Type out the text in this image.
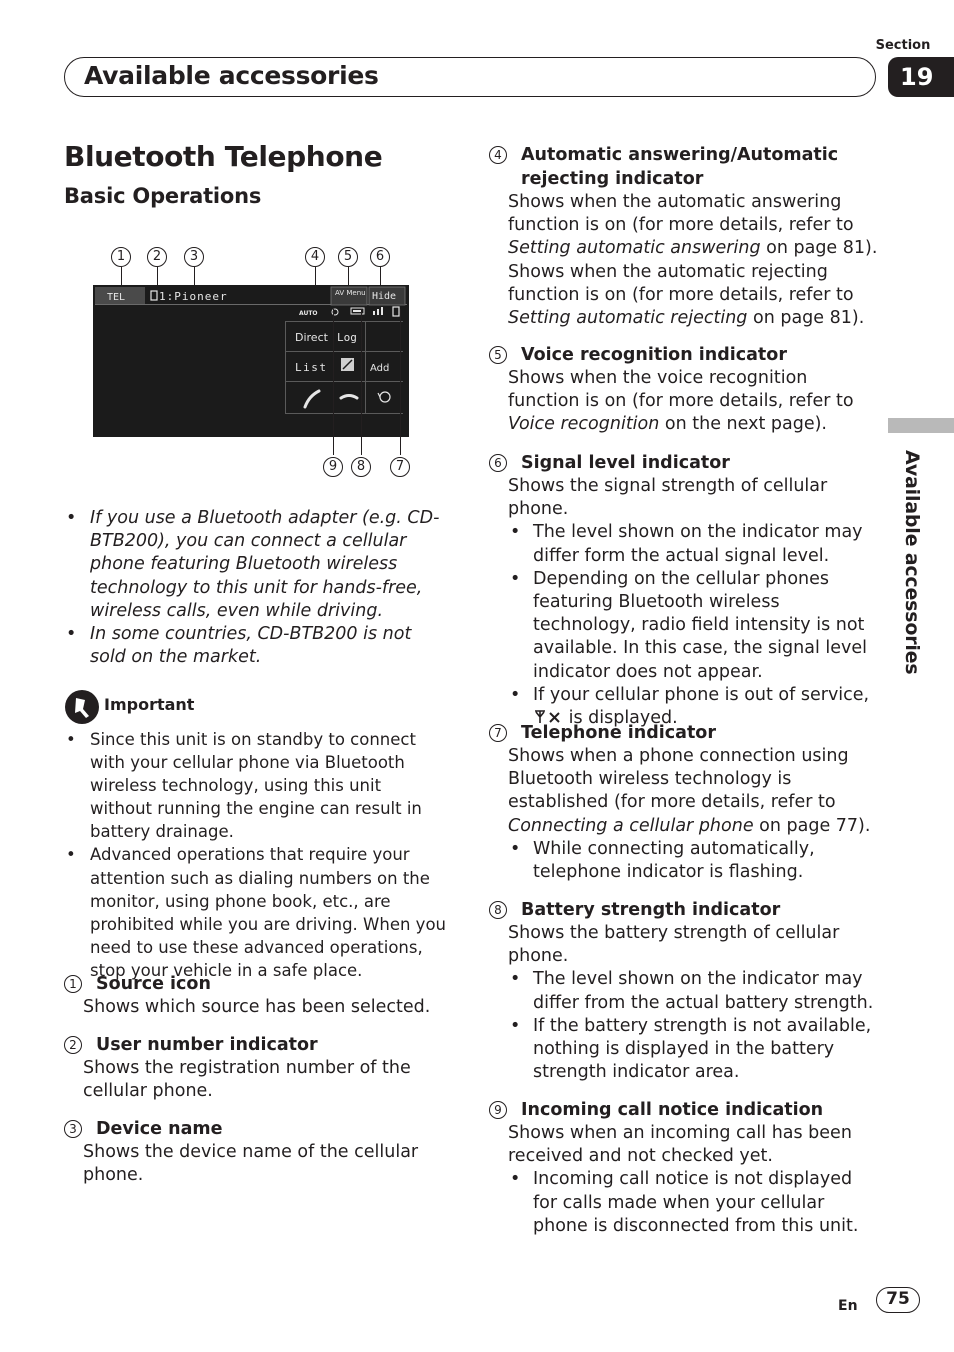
Section
Available accessories	19
Available accessories
Bluetooth Telephone
Basic Operations
1	2	3	4	5	6
TEL	1:Pioneer	AV Menu Hide
AUTO
Direct Log
List	Add
9	8	7
• If you use a Bluetooth adapter (e.g. CD-BTB200), you can connect a cellular phone featuring Bluetooth wireless technology to this unit for hands-free, wireless calls, even while driving.
• In some countries, CD-BTB200 is not sold on the market.
Important
• Since this unit is on standby to connect with your cellular phone via Bluetooth wireless technology, using this unit without running the engine can result in battery drainage.
• Advanced operations that require your attention such as dialing numbers on the monitor, using phone book, etc., are prohibited while you are driving. When you need to use these advanced operations, stop your vehicle in a safe place.
1 Source icon
Shows which source has been selected.
2 User number indicator
Shows the registration number of the cellular phone.
3 Device name
Shows the device name of the cellular phone.
4 Automatic answering/Automatic rejecting indicator

Shows when the automatic answering function is on (for more details, refer to Setting automatic answering on page 81).

Shows when the automatic rejecting function is on (for more details, refer to Setting automatic rejecting on page 81).

5 Voice recognition indicator

Shows when the voice recognition function is on (for more details, refer to Voice recognition on the next page).

6 Signal level indicator

Shows the signal strength of cellular phone.

• The level shown on the indicator may differ form the actual signal level.
• Depending on the cellular phones featuring Bluetooth wireless technology, radio field intensity is not available. In this case, the signal level indicator does not appear.
• If your cellular phone is out of service,
is displayed.
7 Telephone indicator

Shows when a phone connection using Bluetooth wireless technology is established (for more details, refer to Connecting a cellular phone on page 77).

• While connecting automatically, telephone indicator is flashing.
8 Battery strength indicator

Shows the battery strength of cellular phone.

• The level shown on the indicator may differ from the actual battery strength.
• If the battery strength is not available, nothing is displayed in the battery strength indicator area.
9 Incoming call notice indication

Shows when an incoming call has been received and not checked yet.

• Incoming call notice is not displayed for calls made when your cellular phone is disconnected from this unit.
En	75
